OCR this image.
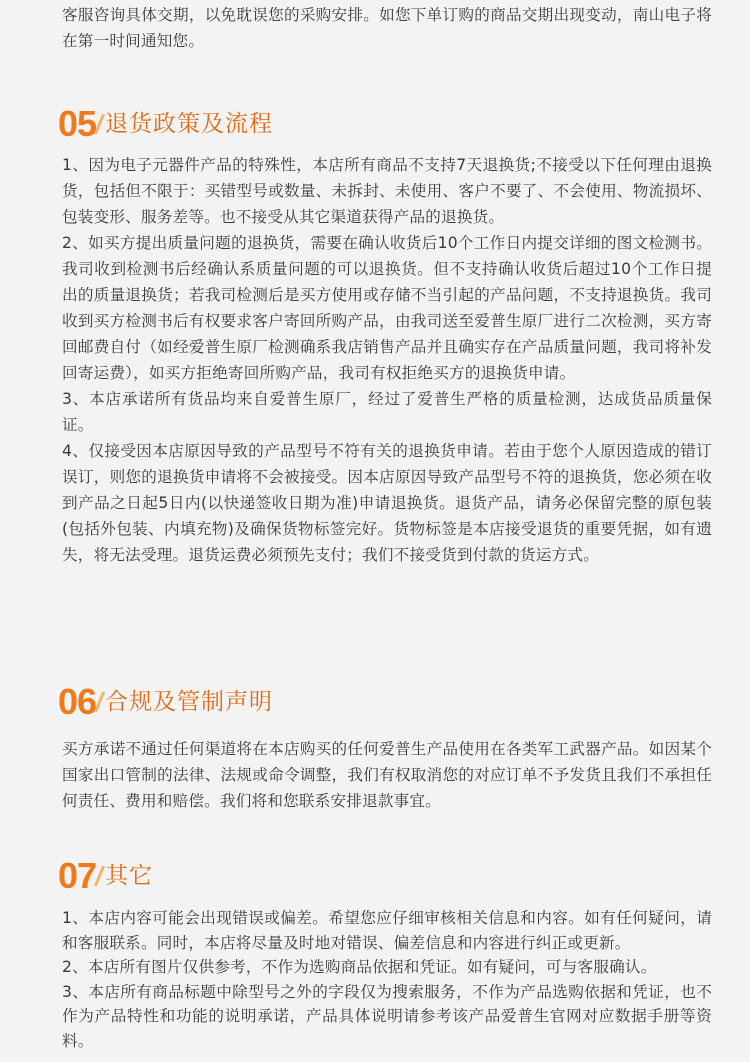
客服咨询具体交期，以免耽误您的采购安排。如您下单订购的商品交期出现变动，南山电子将在第一时间通知您。

05 退货政策及流程

1、因为电子元器件产品的特殊性，本店所有商品不支持7天退换货;不接受以下任何理由退换货，包括但不限于：买错型号或数量、未拆封、未使用、客户不要了、不会使用、物流损坏、包装变形、服务差等。也不接受从其它渠道获得产品的退换货。

2、如买方提出质量问题的退换货，需要在确认收货后10个工作日内提交详细的图文检测书。我司收到检测书后经确认系质量问题的可以退换货。但不支持确认收货后超过10个工作日提出的质量退换货；若我司检测后是买方使用或存储不当引起的产品问题，不支持退换货。我司收到买方检测书后有权要求客户寄回所购产品，由我司送至爱普生原厂进行二次检测，买方寄回邮费自付（如经爱普生原厂检测确系我店销售产品并且确实存在产品质量问题，我司将补发回寄运费），如买方拒绝寄回所购产品，我司有权拒绝买方的退换货申请。

3、本店承诺所有货品均来自爱普生原厂，经过了爱普生严格的质量检测，达成货品质量保证。

4、仅接受因本店原因导致的产品型号不符有关的退换货申请。若由于您个人原因造成的错订误订，则您的退换货申请将不会被接受。因本店原因导致产品型号不符的退换货，您必须在收到产品之日起5日内(以快递签收日期为准)申请退换货。退货产品，请务必保留完整的原包装(包括外包装、内填充物)及确保货物标签完好。货物标签是本店接受退货的重要凭据，如有遗失，将无法受理。退货运费必须预先支付；我们不接受货到付款的货运方式。

06 合规及管制声明

买方承诺不通过任何渠道将在本店购买的任何爱普生产品使用在各类军工武器产品。如因某个国家出口管制的法律、法规或命令调整，我们有权取消您的对应订单不予发货且我们不承担任何责任、费用和赔偿。我们将和您联系安排退款事宜。

07 其它

1、本店内容可能会出现错误或偏差。希望您应仔细审核相关信息和内容。如有任何疑问，请和客服联系。同时，本店将尽量及时地对错误、偏差信息和内容进行纠正或更新。

2、本店所有图片仅供参考，不作为选购商品依据和凭证。如有疑问，可与客服确认。

3、本店所有商品标题中除型号之外的字段仅为搜索服务，不作为产品选购依据和凭证，也不作为产品特性和功能的说明承诺，产品具体说明请参考该产品爱普生官网对应数据手册等资料。
